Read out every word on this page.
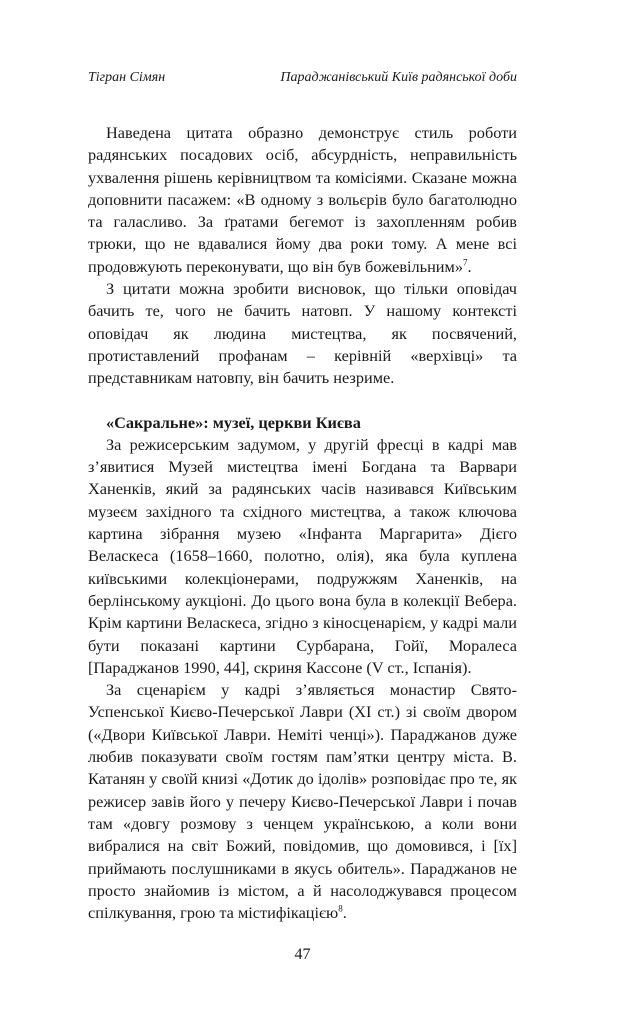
Тігран Сімян	Параджанівський Київ радянської доби

Наведена цитата образно демонструє стиль роботи радянських посадових осіб, абсурдність, неправильність ухвалення рішень керівництвом та комісіями. Сказане можна доповнити пасажем: «В одному з вольєрів було багатолюдно та галасливо. За ґратами бегемот із захопленням робив трюки, що не вдавалися йому два роки тому. А мене всі продовжують переконувати, що він був божевільним»$^7$.

З цитати можна зробити висновок, що тільки оповідач бачить те, чого не бачить натовп. У нашому контексті оповідач як людина мистецтва, як посвячений, протиставлений профанам – керівній «верхівці» та представникам натовпу, він бачить незриме.

«Сакральне»: музеї, церкви Києва

За режисерським задумом, у другій фресці в кадрі мав з’явитися Музей мистецтва імені Богдана та Варвари Ханенків, який за радянських часів називався Київським музеєм західного та східного мистецтва, а також ключова картина зібрання музею «Інфанта Маргарита» Дієго Веласкеса (1658–1660, полотно, олія), яка була куплена київськими колекціонерами, подружжям Ханенків, на берлінському аукціоні. До цього вона була в колекції Вебера. Крім картини Веласкеса, згідно з кіносценарієм, у кадрі мали бути показані картини Сурбарана, Гойї, Моралеса [Параджанов 1990, 44], скриня Кассоне (V ст., Іспанія).

За сценарієм у кадрі з’являється монастир Свято-Успенської Києво-Печерської Лаври (XI ст.) зі своїм двором («Двори Київської Лаври. Неміті ченці»). Параджанов дуже любив показувати своїм гостям пам’ятки центру міста. В. Катанян у своїй книзі «Дотик до ідолів» розповідає про те, як режисер завів його у печеру Києво-Печерської Лаври і почав там «довгу розмову з ченцем українською, а коли вони вибралися на світ Божий, повідомив, що домовився, і [їх] приймають послушниками в якусь обитель». Параджанов не просто знайомив із містом, а й насолоджувався процесом спілкування, грою та містифікацією$^8$.

47
